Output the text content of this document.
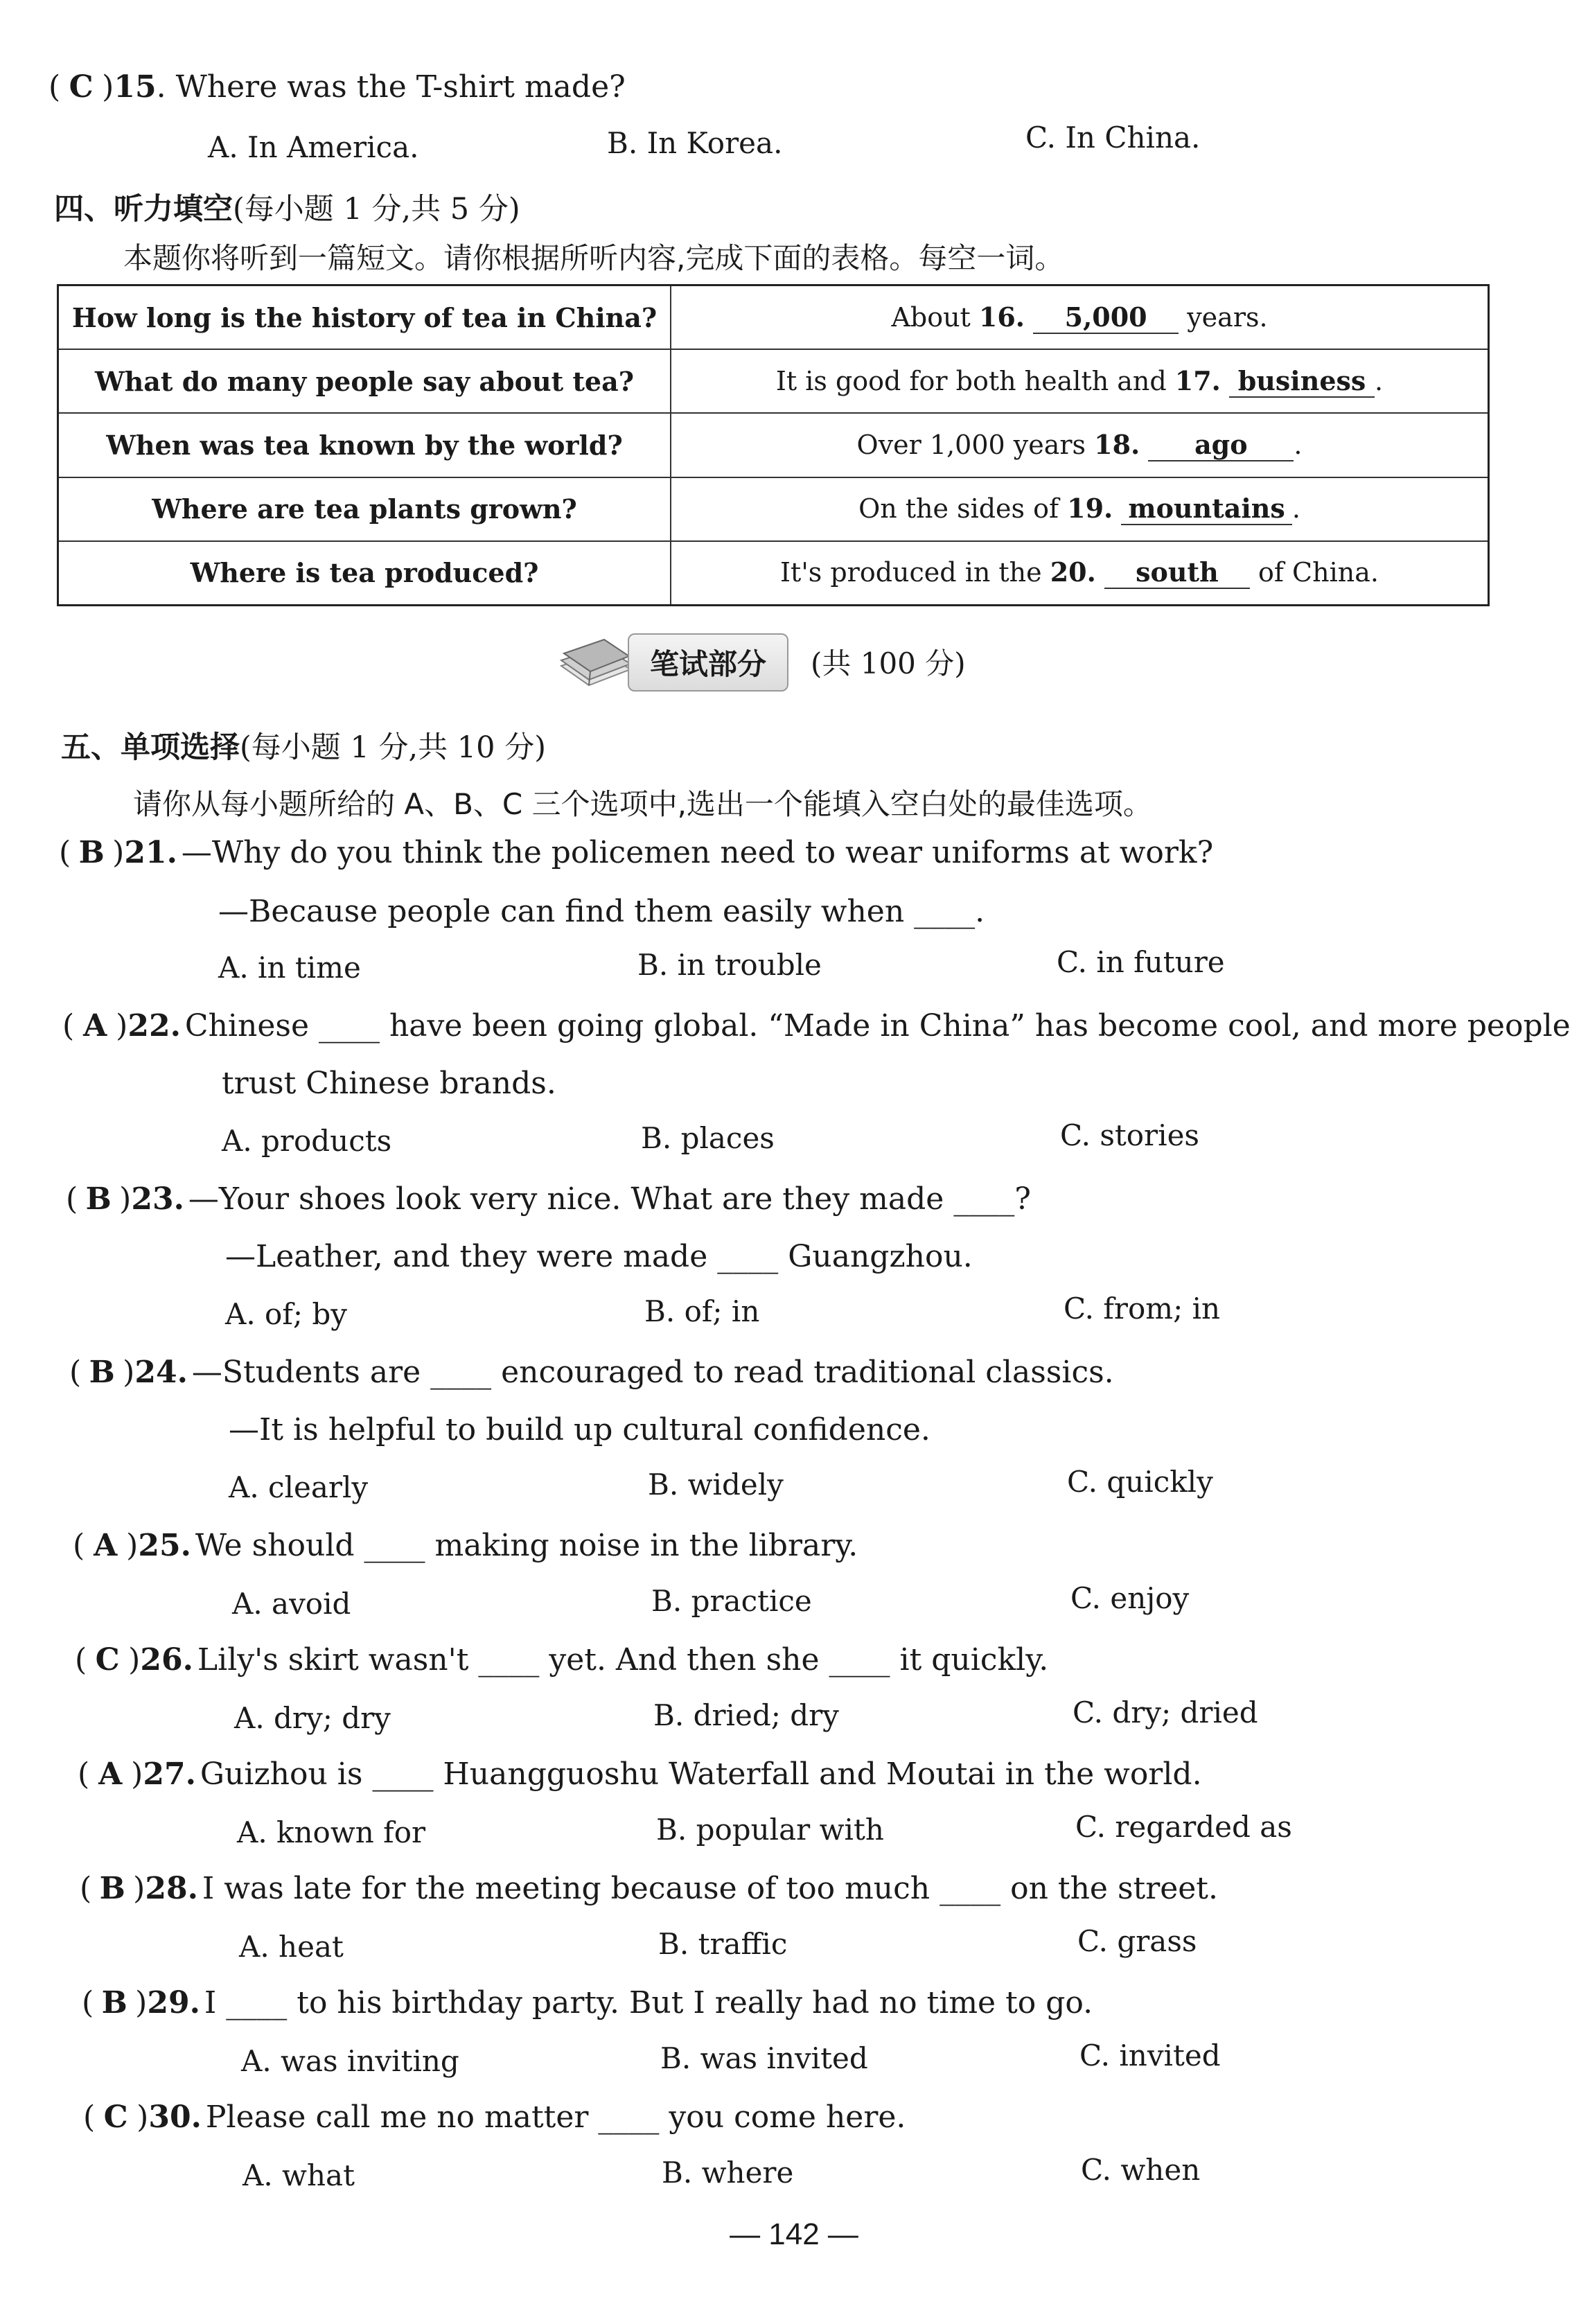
( C )15. Where was the T-shirt made?
A. In America.	B. In Korea.	C. In China.
四、听力填空(每小题 1 分,共 5 分)
本题你将听到一篇短文。请你根据所听内容,完成下面的表格。每空一词。
How long is the history of tea in China?	About 16. 5,000 years.
What do many people say about tea?	It is good for both health and 17. business .
When was tea known by the world?	Over 1,000 years 18. ago .
Where are tea plants grown?	On the sides of 19. mountains .
Where is tea produced?	It's produced in the 20. south of China.
笔试部分	(共 100 分)
五、单项选择(每小题 1 分,共 10 分)
请你从每小题所给的 A、B、C 三个选项中,选出一个能填入空白处的最佳选项。
( B )21. —Why do you think the policemen need to wear uniforms at work?
—Because people can find them easily when ____.
A. in time	B. in trouble	C. in future
( A )22. Chinese ____ have been going global. “Made in China” has become cool, and more people
trust Chinese brands.
A. products	B. places	C. stories
( B )23. —Your shoes look very nice. What are they made ____?
—Leather, and they were made ____ Guangzhou.
A. of; by	B. of; in	C. from; in
( B )24. —Students are ____ encouraged to read traditional classics.
—It is helpful to build up cultural confidence.
A. clearly	B. widely	C. quickly
( A )25. We should ____ making noise in the library.
A. avoid	B. practice	C. enjoy
( C )26. Lily's skirt wasn't ____ yet. And then she ____ it quickly.
A. dry; dry	B. dried; dry	C. dry; dried
( A )27. Guizhou is ____ Huangguoshu Waterfall and Moutai in the world.
A. known for	B. popular with	C. regarded as
( B )28. I was late for the meeting because of too much ____ on the street.
A. heat	B. traffic	C. grass
( B )29. I ____ to his birthday party. But I really had no time to go.
A. was inviting	B. was invited	C. invited
( C )30. Please call me no matter ____ you come here.
A. what	B. where	C. when
— 142 —
